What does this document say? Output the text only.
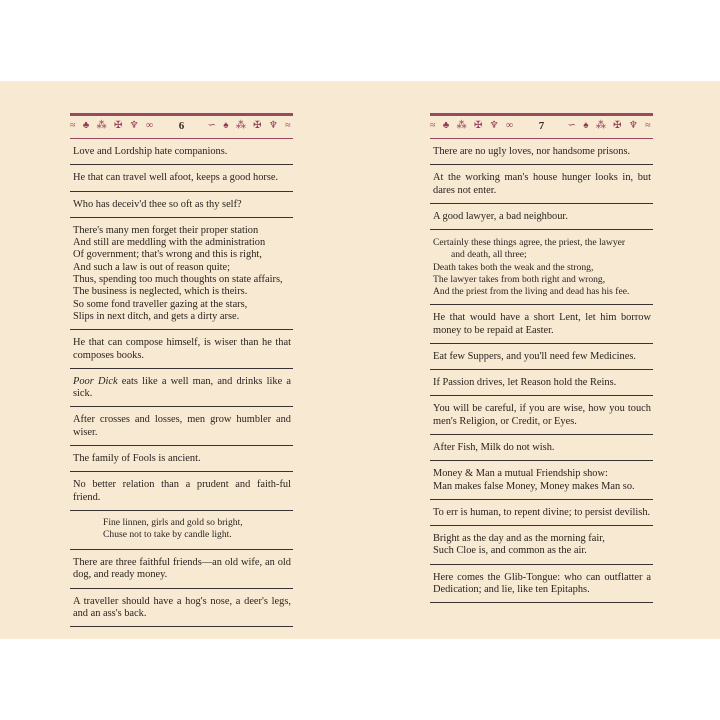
≈ ♣ ⁂ ✠ ♆ ∞	6	∽ ♠ ⁂ ✠ ♆ ≈

Love and Lordship hate companions.

He that can travel well afoot, keeps a good horse.

Who has deceiv'd thee so oft as thy self?

There's many men forget their proper station
And still are meddling with the administration
Of government; that's wrong and this is right,
And such a law is out of reason quite;
Thus, spending too much thoughts on state affairs,
The business is neglected, which is theirs.
So some fond traveller gazing at the stars,
Slips in next ditch, and gets a dirty arse.

He that can compose himself, is wiser than he that composes books.

Poor Dick eats like a well man, and drinks like a sick.

After crosses and losses, men grow humbler and wiser.

The family of Fools is ancient.

No better relation than a prudent and faith-ful friend.

Fine linnen, girls and gold so bright,

Chuse not to take by candle light.

There are three faithful friends—an old wife, an old dog, and ready money.

A traveller should have a hog's nose, a deer's legs, and an ass's back.

≈ ♣ ⁂ ✠ ♆ ∞	7	∽ ♠ ⁂ ✠ ♆ ≈

There are no ugly loves, nor handsome prisons.

At the working man's house hunger looks in, but dares not enter.

A good lawyer, a bad neighbour.

Certainly these things agree, the priest, the lawyer
and death, all three;
Death takes both the weak and the strong,
The lawyer takes from both right and wrong,
And the priest from the living and dead has his fee.

He that would have a short Lent, let him borrow money to be repaid at Easter.

Eat few Suppers, and you'll need few Medicines.

If Passion drives, let Reason hold the Reins.

You will be careful, if you are wise, how you touch men's Religion, or Credit, or Eyes.

After Fish, Milk do not wish.

Money & Man a mutual Friendship show:
Man makes false Money, Money makes Man so.

To err is human, to repent divine; to persist devilish.

Bright as the day and as the morning fair,
Such Cloe is, and common as the air.

Here comes the Glib-Tongue: who can outflatter a Dedication; and lie, like ten Epitaphs.
